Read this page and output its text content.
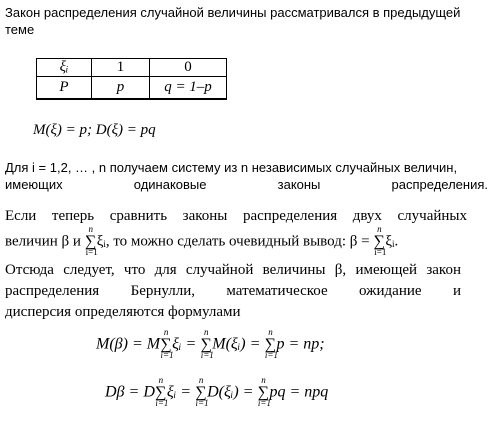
Закон распределения случайной величины рассматривался в предыдущей
теме
ξᵢ	1	0
P	p	q = 1–p
M(ξ) = p; D(ξ) = pq
Для i = 1,2, … , n получаем систему из n независимых случайных величин,
имеющих одинаковые законы распределения.
Если теперь сравнить законы распределения двух случайных
величин β и
n
∑
i=1
ξᵢ, то можно сделать очевидный вывод: β =
n
∑
i=1
ξᵢ.
Отсюда следует, что для случайной величины β, имеющей закон
распределения Бернулли, математическое ожидание и
дисперсия определяются формулами
M(β) = M
n
∑
i=1
ξᵢ =
n
∑
i=1
M(ξᵢ) =
n
∑
i=1
p = np;
Dβ = D
n
∑
i=1
ξᵢ =
n
∑
i=1
D(ξᵢ) =
n
∑
i=1
pq = npq
